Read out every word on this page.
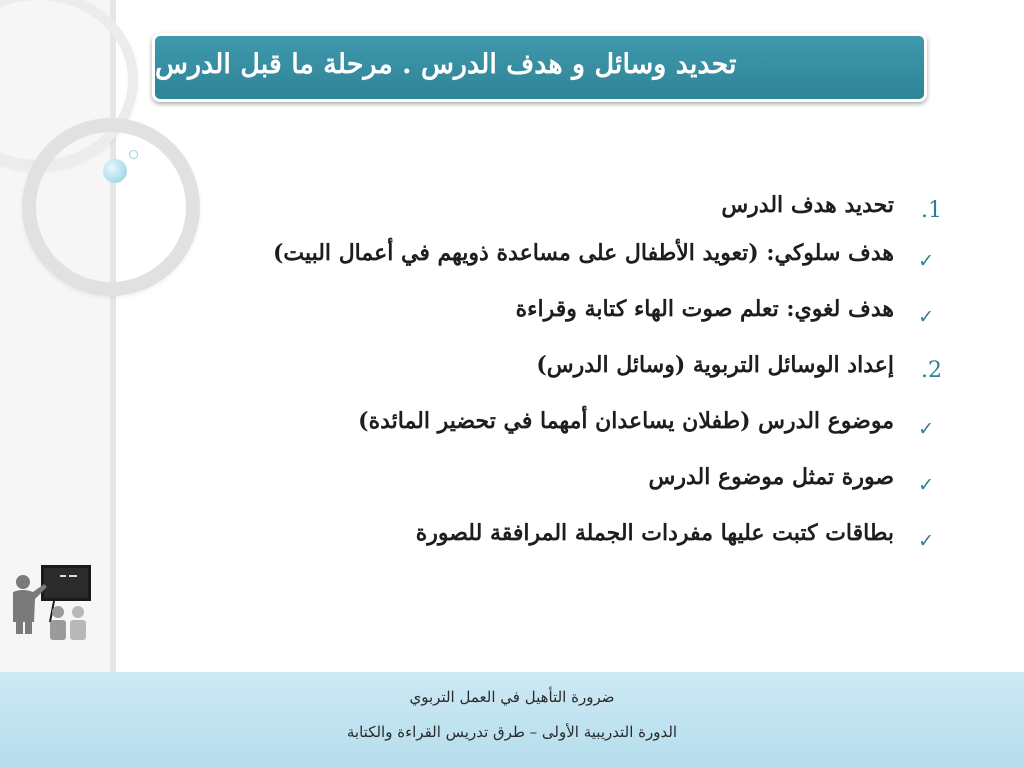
تحديد وسائل و هدف الدرس . مرحلة ما قبل الدرس
1.
تحديد هدف الدرس
✓
هدف سلوكي: (تعويد الأطفال على مساعدة ذويهم في أعمال البيت)
✓
هدف لغوي: تعلم صوت الهاء كتابة وقراءة
2.
إعداد الوسائل التربوية (وسائل الدرس)
✓
موضوع الدرس (طفلان يساعدان أمهما في تحضير المائدة)
✓
صورة تمثل موضوع الدرس
✓
بطاقات كتبت عليها مفردات الجملة المرافقة للصورة
ضرورة التأهيل في العمل التربوي
الدورة التدريبية الأولى – طرق تدريس القراءة والكتابة
